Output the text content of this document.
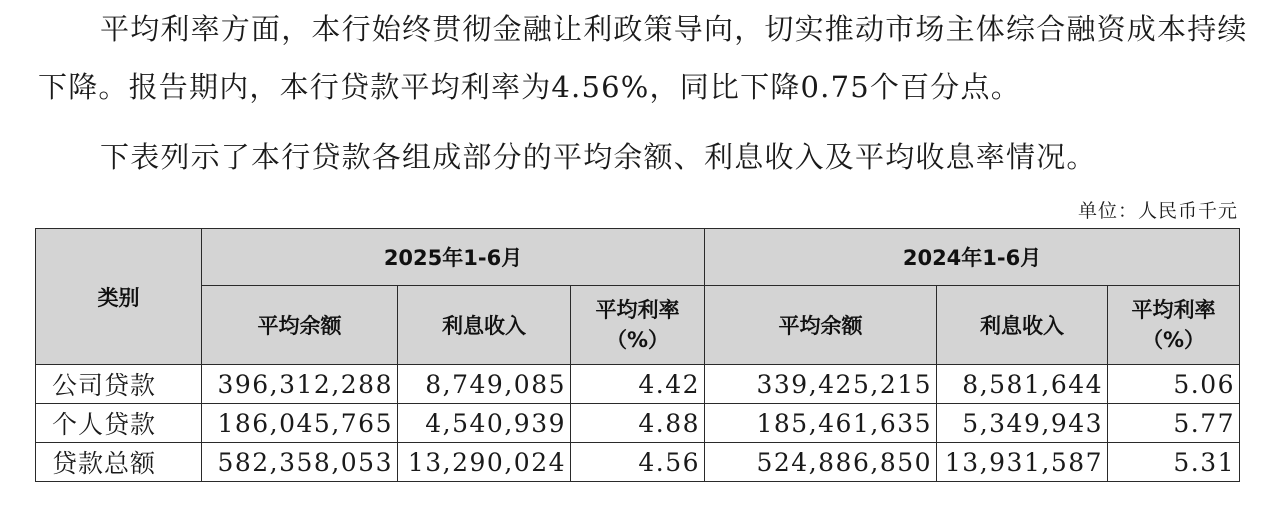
平均利率方面，本行始终贯彻金融让利政策导向，切实推动市场主体综合融资成本持续下降。报告期内，本行贷款平均利率为4.56%，同比下降0.75个百分点。

下表列示了本行贷款各组成部分的平均余额、利息收入及平均收息率情况。

单位：人民币千元
类别	2025年1-6月			2024年1-6月		
	平均余额	利息收入	平均利率（%）	平均余额	利息收入	平均利率（%）
公司贷款	396,312,288	8,749,085	4.42	339,425,215	8,581,644	5.06
个人贷款	186,045,765	4,540,939	4.88	185,461,635	5,349,943	5.77
贷款总额	582,358,053	13,290,024	4.56	524,886,850	13,931,587	5.31
